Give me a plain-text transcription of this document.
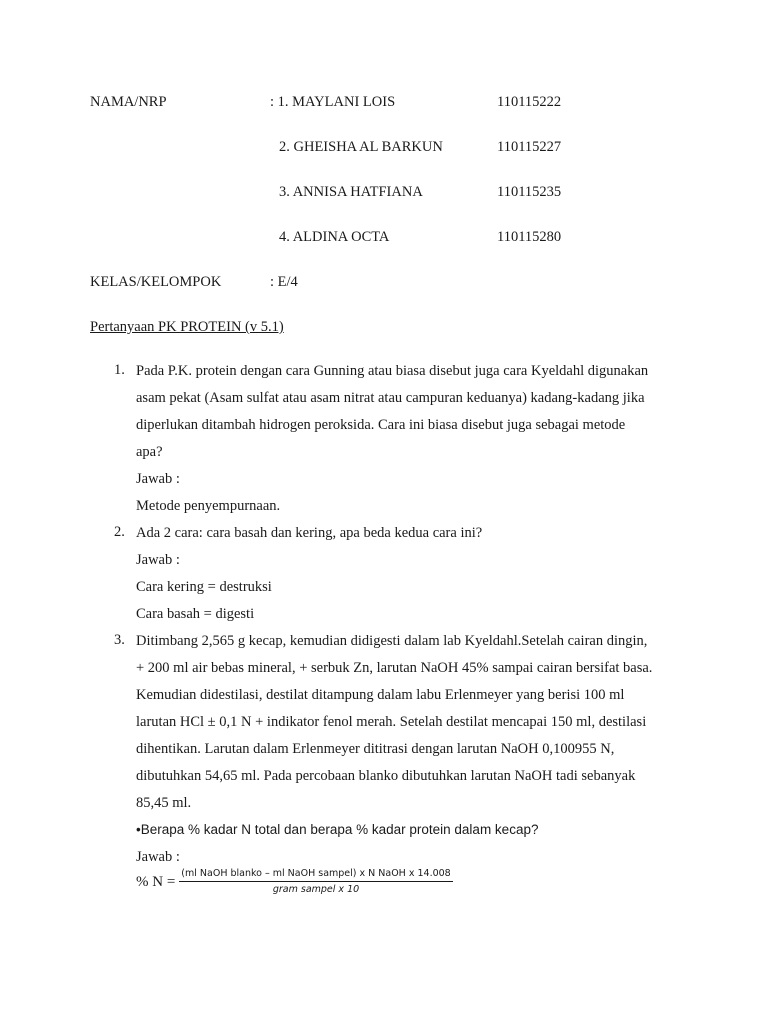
NAMA/NRP	: 1. MAYLANI LOIS	110115222
2. GHEISHA AL BARKUN	110115227
3. ANNISA HATFIANA	110115235
4. ALDINA OCTA	110115280
KELAS/KELOMPOK	: E/4
Pertanyaan PK PROTEIN (v 5.1)
1. Pada P.K. protein dengan cara Gunning atau biasa disebut juga cara Kyeldahl digunakan
asam pekat (Asam sulfat atau asam nitrat atau campuran keduanya) kadang-kadang jika
diperlukan ditambah hidrogen peroksida. Cara ini biasa disebut juga sebagai metode
apa?
Jawab :
Metode penyempurnaan.
2. Ada 2 cara: cara basah dan kering, apa beda kedua cara ini?
Jawab :
Cara kering = destruksi
Cara basah = digesti
3. Ditimbang 2,565 g kecap, kemudian didigesti dalam lab Kyeldahl.Setelah cairan dingin,
+ 200 ml air bebas mineral, + serbuk Zn, larutan NaOH 45% sampai cairan bersifat basa.
Kemudian didestilasi, destilat ditampung dalam labu Erlenmeyer yang berisi 100 ml
larutan HCl ± 0,1 N + indikator fenol merah. Setelah destilat mencapai 150 ml, destilasi
dihentikan. Larutan dalam Erlenmeyer dititrasi dengan larutan NaOH 0,100955 N,
dibutuhkan 54,65 ml. Pada percobaan blanko dibutuhkan larutan NaOH tadi sebanyak
85,45 ml.
•Berapa % kadar N total dan berapa % kadar protein dalam kecap?
Jawab :
% $N = \frac{\text{(ml NaOH blanko – ml NaOH sampel) x N NaOH x 14.008}}{\text{gram sampel x 10}}$
